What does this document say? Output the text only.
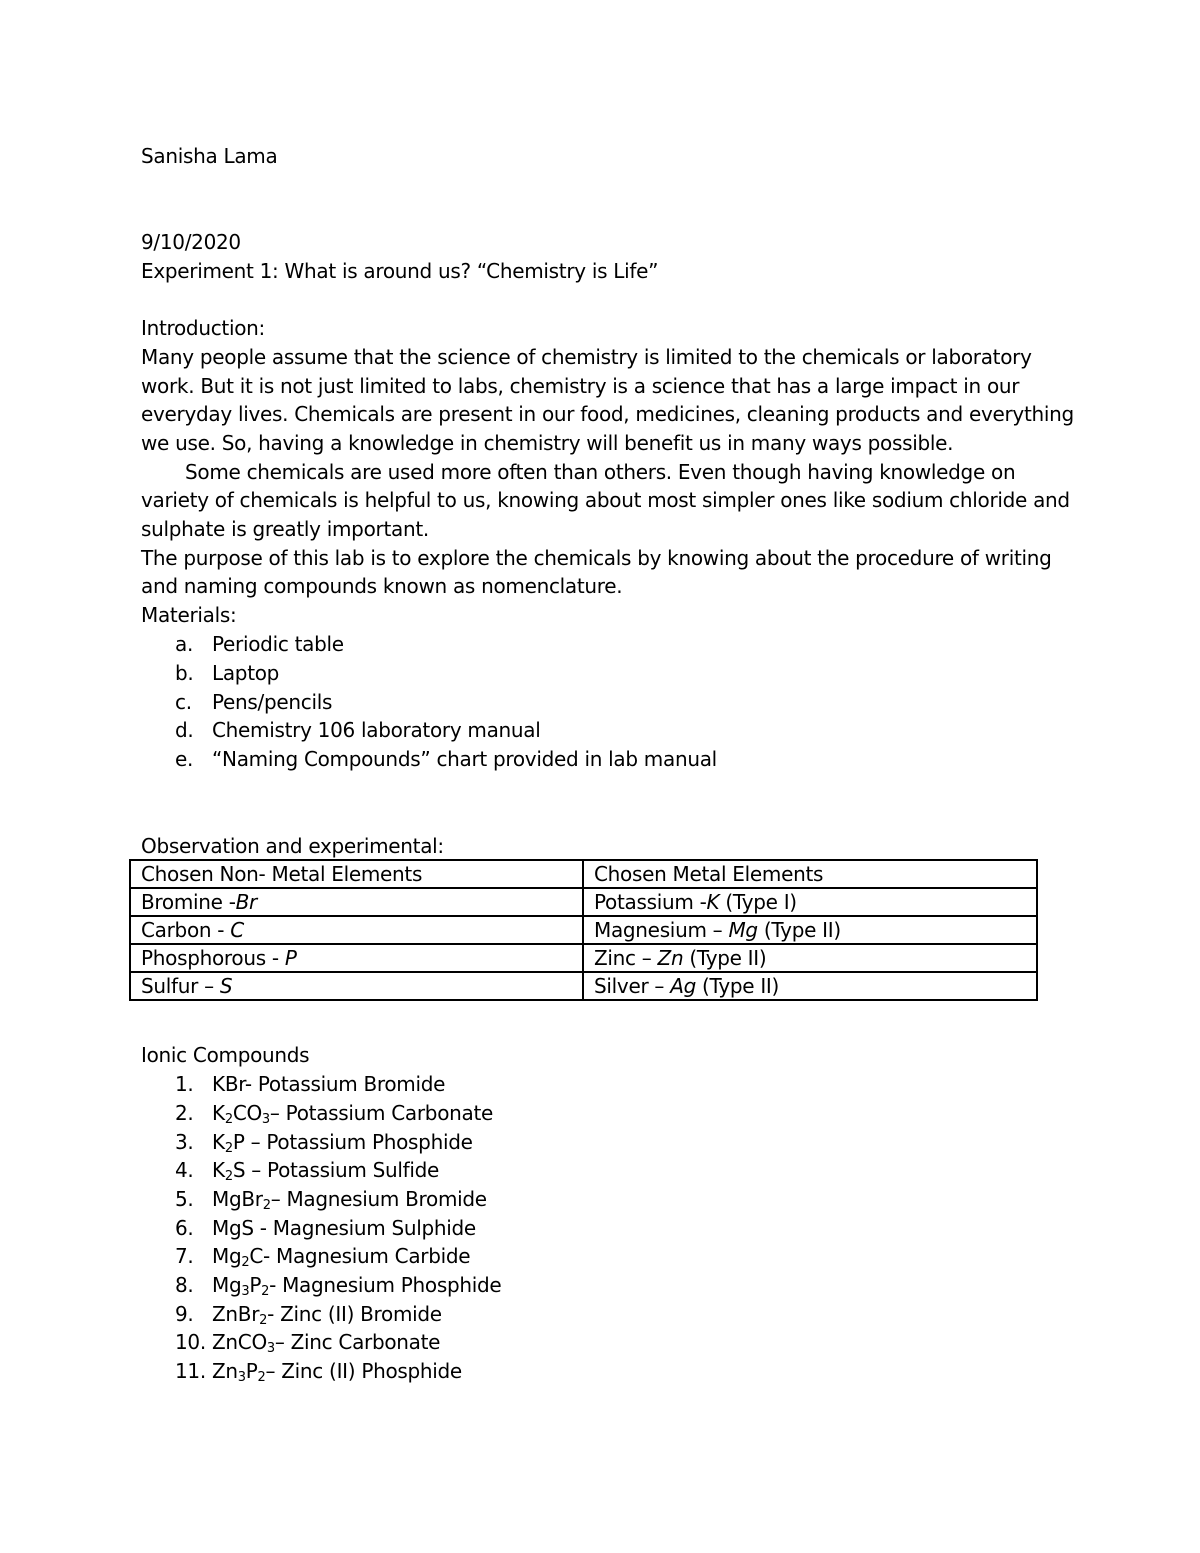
Sanisha Lama
9/10/2020
Experiment 1: What is around us? “Chemistry is Life”
Introduction:
Many people assume that the science of chemistry is limited to the chemicals or laboratory
work. But it is not just limited to labs, chemistry is a science that has a large impact in our
everyday lives. Chemicals are present in our food, medicines, cleaning products and everything
we use. So, having a knowledge in chemistry will benefit us in many ways possible.
Some chemicals are used more often than others. Even though having knowledge on
variety of chemicals is helpful to us, knowing about most simpler ones like sodium chloride and
sulphate is greatly important.
The purpose of this lab is to explore the chemicals by knowing about the procedure of writing
and naming compounds known as nomenclature.
Materials:
a. Periodic table
b. Laptop
c. Pens/pencils
d. Chemistry 106 laboratory manual
e. “Naming Compounds” chart provided in lab manual
Observation and experimental:
Chosen Non- Metal Elements	Chosen Metal Elements
Bromine -Br	Potassium -K (Type I)
Carbon - C	Magnesium – Mg (Type II)
Phosphorous - P	Zinc – Zn (Type II)
Sulfur – S	Silver – Ag (Type II)
Ionic Compounds
1. KBr- Potassium Bromide
2. $K_2CO_3-$ Potassium Carbonate
3. $K_2P$ – Potassium Phosphide
4. $K_2S$ – Potassium Sulfide
5. MgBr$_2$– Magnesium Bromide
6. MgS - Magnesium Sulphide
7. $Mg_2C-$ Magnesium Carbide
8. $Mg_3P_2-$ Magnesium Phosphide
9. ZnBr$_2$- Zinc (II) Bromide
10. ZnCO$_3$– Zinc Carbonate
11. $Zn_3P_2-$ Zinc (II) Phosphide
